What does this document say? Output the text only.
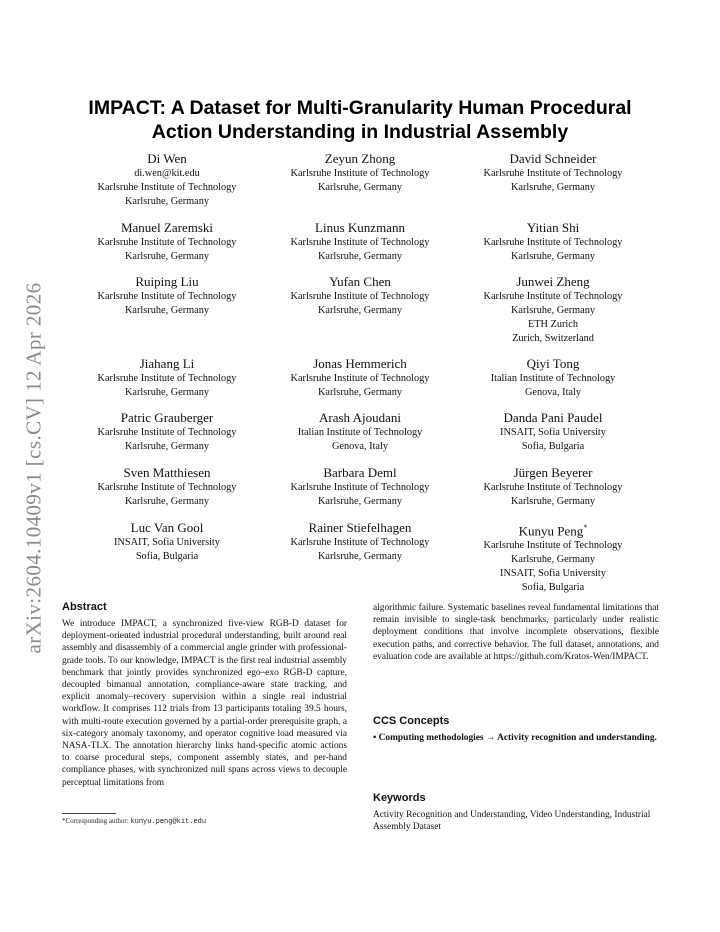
arXiv:2604.10409v1 [cs.CV] 12 Apr 2026
IMPACT: A Dataset for Multi-Granularity Human Procedural Action Understanding in Industrial Assembly
Di Wen
di.wen@kit.edu
Karlsruhe Institute of Technology
Karlsruhe, Germany
Zeyun Zhong
Karlsruhe Institute of Technology
Karlsruhe, Germany
David Schneider
Karlsruhe Institute of Technology
Karlsruhe, Germany
Manuel Zaremski
Karlsruhe Institute of Technology
Karlsruhe, Germany
Linus Kunzmann
Karlsruhe Institute of Technology
Karlsruhe, Germany
Yitian Shi
Karlsruhe Institute of Technology
Karlsruhe, Germany
Ruiping Liu
Karlsruhe Institute of Technology
Karlsruhe, Germany
Yufan Chen
Karlsruhe Institute of Technology
Karlsruhe, Germany
Junwei Zheng
Karlsruhe Institute of Technology
Karlsruhe, Germany
ETH Zurich
Zurich, Switzerland
Jiahang Li
Karlsruhe Institute of Technology
Karlsruhe, Germany
Jonas Hemmerich
Karlsruhe Institute of Technology
Karlsruhe, Germany
Qiyi Tong
Italian Institute of Technology
Genova, Italy
Patric Grauberger
Karlsruhe Institute of Technology
Karlsruhe, Germany
Arash Ajoudani
Italian Institute of Technology
Genova, Italy
Danda Pani Paudel
INSAIT, Sofia University
Sofia, Bulgaria
Sven Matthiesen
Karlsruhe Institute of Technology
Karlsruhe, Germany
Barbara Deml
Karlsruhe Institute of Technology
Karlsruhe, Germany
Jürgen Beyerer
Karlsruhe Institute of Technology
Karlsruhe, Germany
Luc Van Gool
INSAIT, Sofia University
Sofia, Bulgaria
Rainer Stiefelhagen
Karlsruhe Institute of Technology
Karlsruhe, Germany
Kunyu Peng*
Karlsruhe Institute of Technology
Karlsruhe, Germany
INSAIT, Sofia University
Sofia, Bulgaria
Abstract

We introduce IMPACT, a synchronized five-view RGB-D dataset for deployment-oriented industrial procedural understanding, built around real assembly and disassembly of a commercial angle grinder with professional-grade tools. To our knowledge, IMPACT is the first real industrial assembly benchmark that jointly provides synchronized ego–exo RGB-D capture, decoupled bimanual annotation, compliance-aware state tracking, and explicit anomaly–recovery supervision within a single real industrial workflow. It comprises 112 trials from 13 participants totaling 39.5 hours, with multi-route execution governed by a partial-order prerequisite graph, a six-category anomaly taxonomy, and operator cognitive load measured via NASA-TLX. The annotation hierarchy links hand-specific atomic actions to coarse procedural steps, component assembly states, and per-hand compliance phases, with synchronized null spans across views to decouple perceptual limitations from

algorithmic failure. Systematic baselines reveal fundamental limitations that remain invisible to single-task benchmarks, particularly under realistic deployment conditions that involve incomplete observations, flexible execution paths, and corrective behavior. The full dataset, annotations, and evaluation code are available at https://github.com/Kratos-Wen/IMPACT.

CCS Concepts

• Computing methodologies → Activity recognition and understanding.

Keywords

Activity Recognition and Understanding, Video Understanding, Industrial Assembly Dataset

*Corresponding author: kunyu.peng@kit.edu
